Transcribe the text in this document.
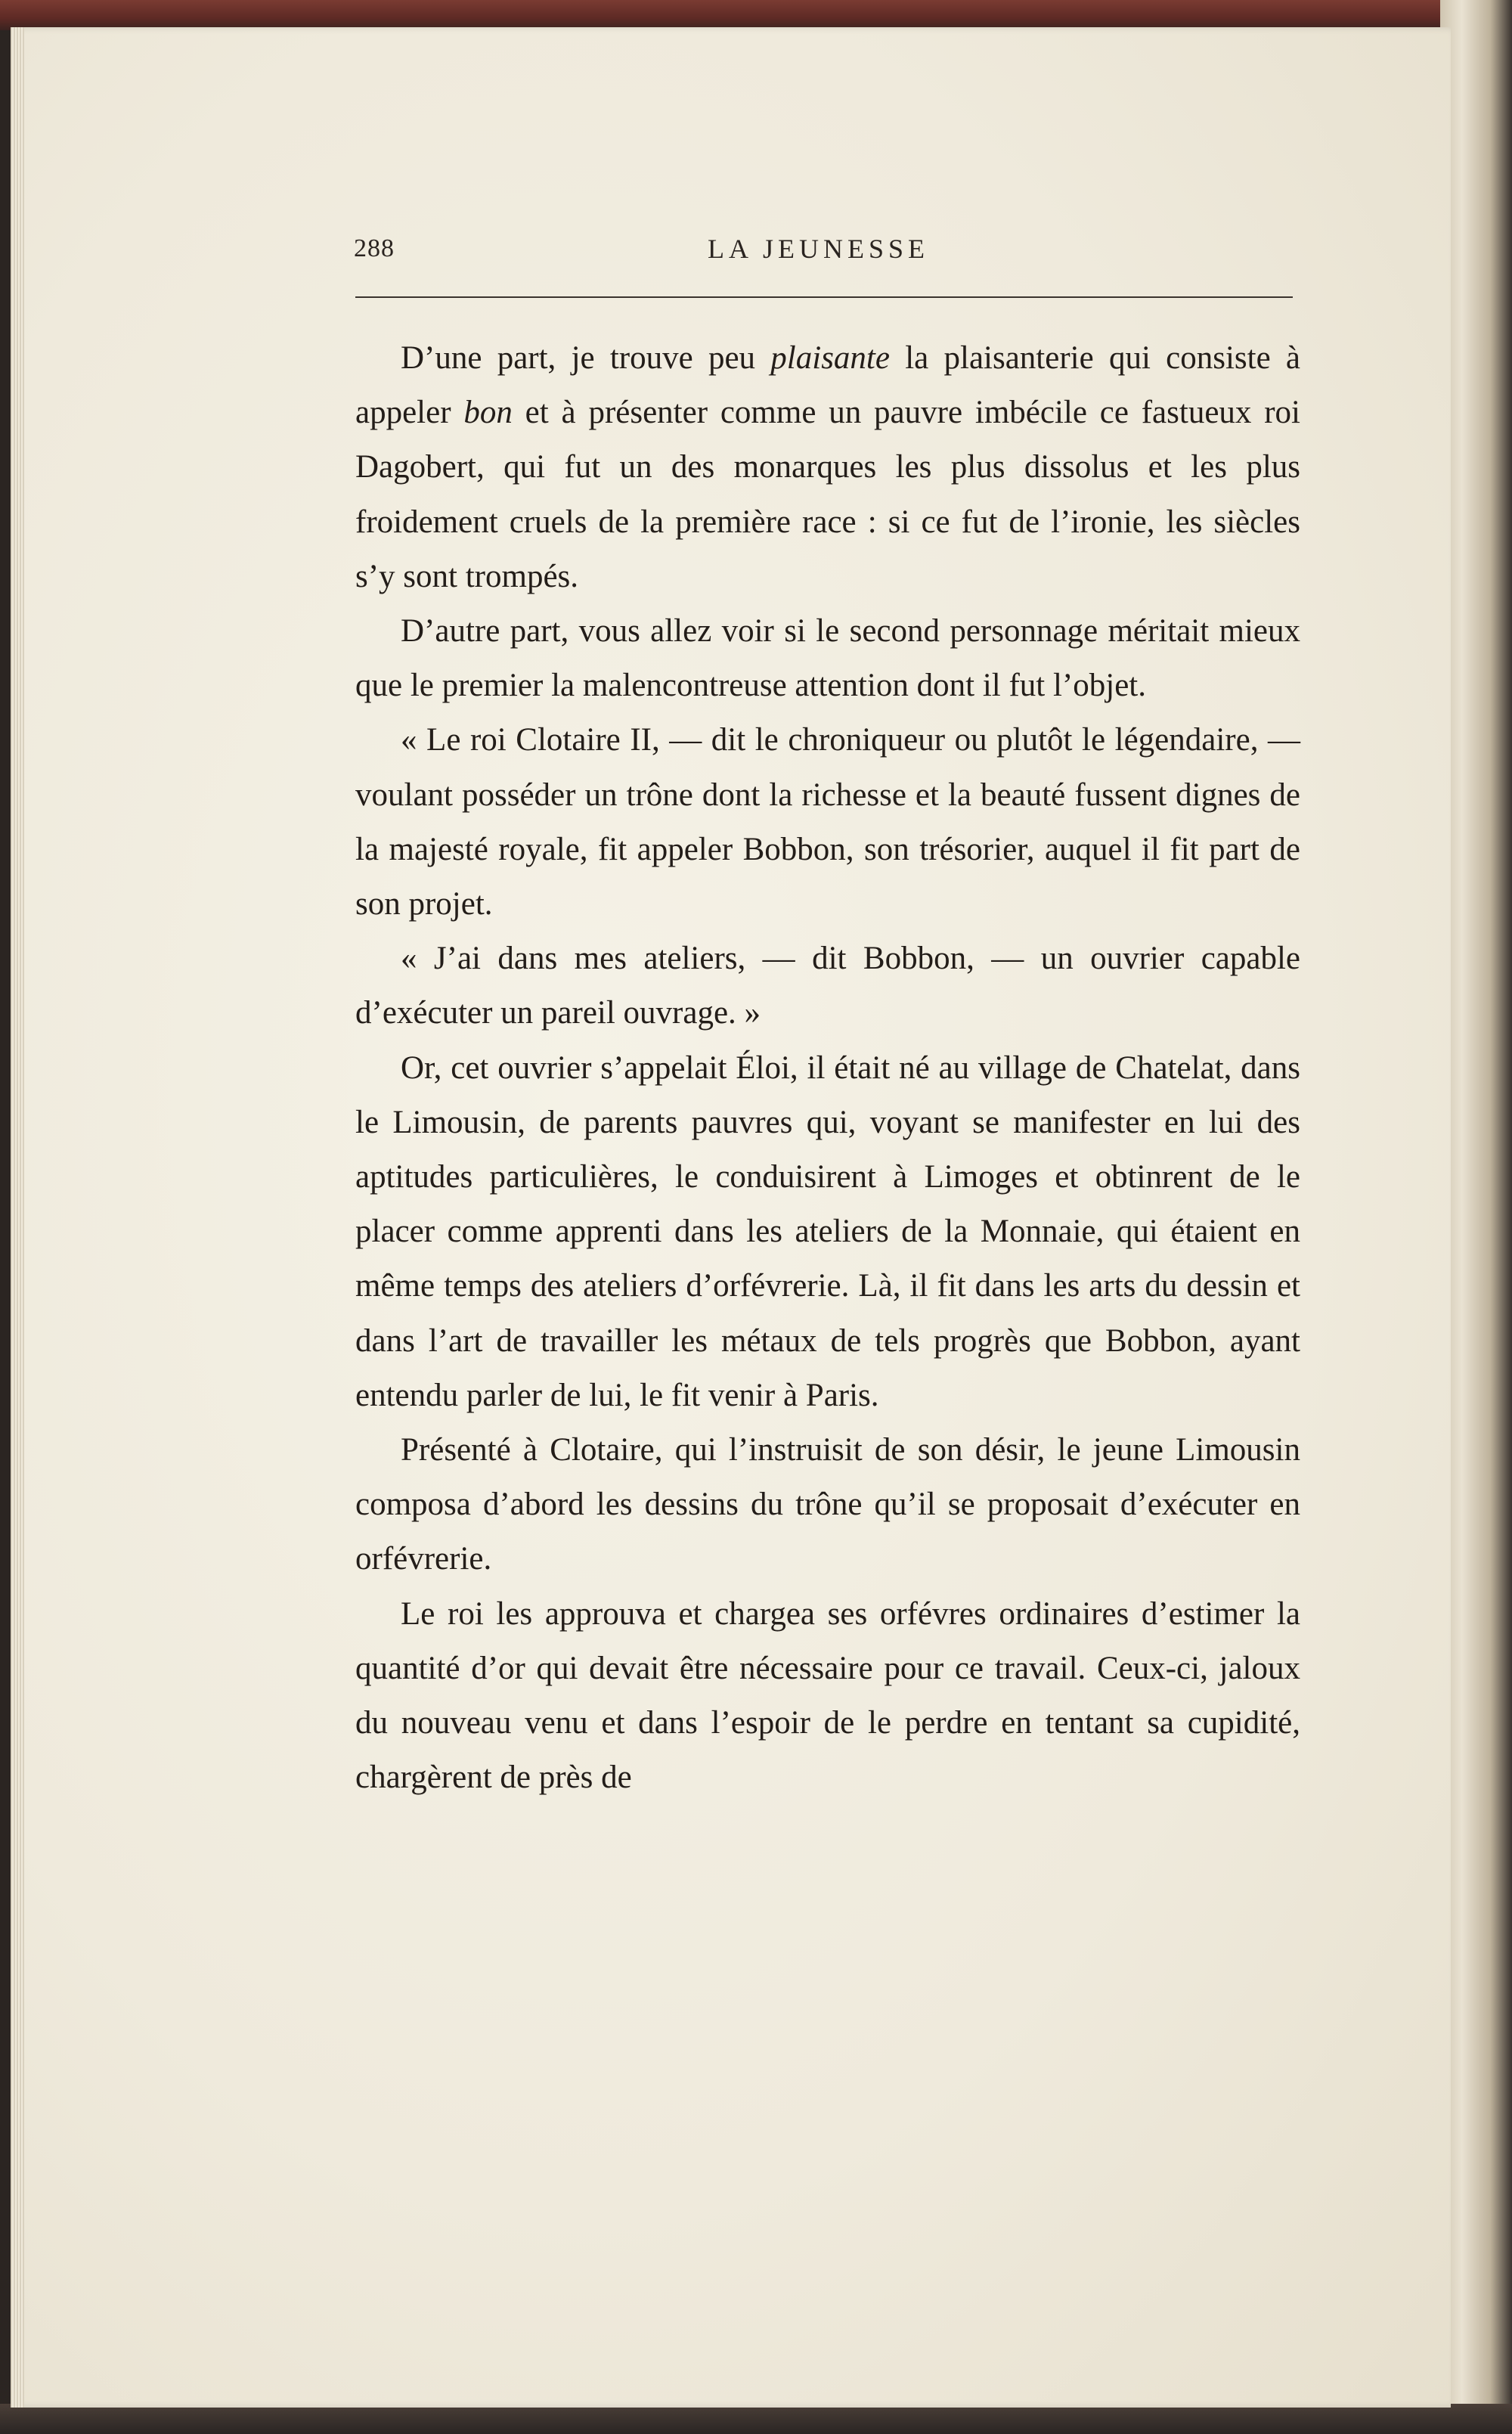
288	LA JEUNESSE

D’une part, je trouve peu plaisante la plaisanterie qui consiste à appeler bon et à présenter comme un pauvre imbécile ce fastueux roi Dagobert, qui fut un des monarques les plus dissolus et les plus froidement cruels de la première race : si ce fut de l’ironie, les siècles s’y sont trompés.

D’autre part, vous allez voir si le second personnage méritait mieux que le premier la malencontreuse attention dont il fut l’objet.

« Le roi Clotaire II, — dit le chroniqueur ou plutôt le légendaire, — voulant posséder un trône dont la richesse et la beauté fussent dignes de la majesté royale, fit appeler Bobbon, son trésorier, auquel il fit part de son projet.

« J’ai dans mes ateliers, — dit Bobbon, — un ouvrier capable d’exécuter un pareil ouvrage. »

Or, cet ouvrier s’appelait Éloi, il était né au village de Chatelat, dans le Limousin, de parents pauvres qui, voyant se manifester en lui des aptitudes particulières, le conduisirent à Limoges et obtinrent de le placer comme apprenti dans les ateliers de la Monnaie, qui étaient en même temps des ateliers d’orfévrerie. Là, il fit dans les arts du dessin et dans l’art de travailler les métaux de tels progrès que Bobbon, ayant entendu parler de lui, le fit venir à Paris.

Présenté à Clotaire, qui l’instruisit de son désir, le jeune Limousin composa d’abord les dessins du trône qu’il se proposait d’exécuter en orfévrerie.

Le roi les approuva et chargea ses orfévres ordinaires d’estimer la quantité d’or qui devait être nécessaire pour ce travail. Ceux-ci, jaloux du nouveau venu et dans l’espoir de le perdre en tentant sa cupidité, chargèrent de près de
